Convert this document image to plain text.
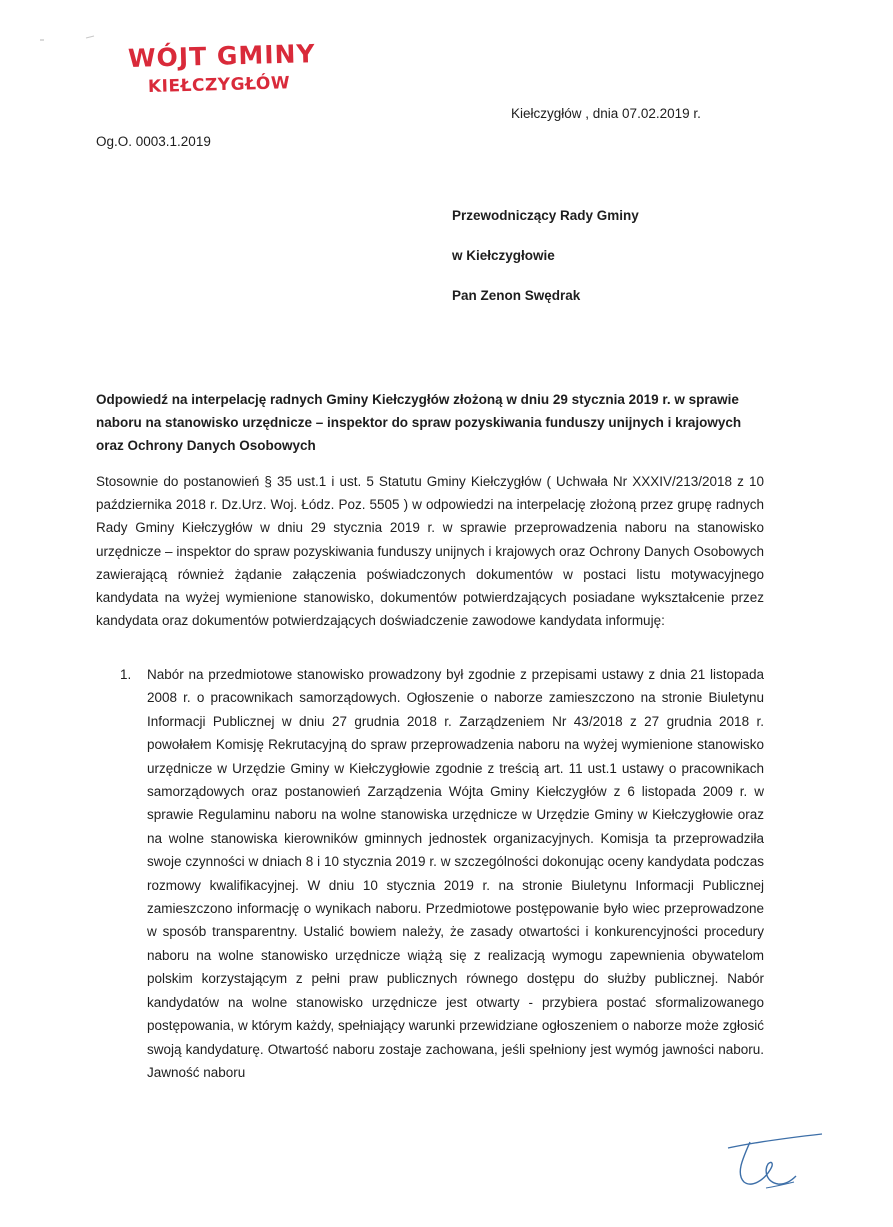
WÓJT GMINY
KIEŁCZYGŁÓW
Kiełczygłów , dnia 07.02.2019 r.
Og.O. 0003.1.2019
Przewodniczący Rady Gminy
w Kiełczygłowie
Pan Zenon Swędrak
Odpowiedź na interpelację radnych Gminy Kiełczygłów złożoną w dniu 29 stycznia 2019 r. w sprawie naboru na stanowisko urzędnicze – inspektor do spraw pozyskiwania funduszy unijnych i krajowych oraz Ochrony Danych Osobowych
Stosownie do postanowień § 35 ust.1 i ust. 5 Statutu Gminy Kiełczygłów ( Uchwała Nr XXXIV/213/2018 z 10 października 2018 r. Dz.Urz. Woj. Łódz. Poz. 5505 ) w odpowiedzi na interpelację złożoną przez grupę radnych Rady Gminy Kiełczygłów w dniu 29 stycznia 2019 r. w sprawie przeprowadzenia naboru na stanowisko urzędnicze – inspektor do spraw pozyskiwania funduszy unijnych i krajowych oraz Ochrony Danych Osobowych zawierającą również żądanie załączenia poświadczonych dokumentów w postaci listu motywacyjnego kandydata na wyżej wymienione stanowisko, dokumentów potwierdzających posiadane wykształcenie przez kandydata oraz dokumentów potwierdzających doświadczenie zawodowe kandydata informuję:
1. Nabór na przedmiotowe stanowisko prowadzony był zgodnie z przepisami ustawy z dnia 21 listopada 2008 r. o pracownikach samorządowych. Ogłoszenie o naborze zamieszczono na stronie Biuletynu Informacji Publicznej w dniu 27 grudnia 2018 r. Zarządzeniem Nr 43/2018 z 27 grudnia 2018 r. powołałem Komisję Rekrutacyjną do spraw przeprowadzenia naboru na wyżej wymienione stanowisko urzędnicze w Urzędzie Gminy w Kiełczygłowie zgodnie z treścią art. 11 ust.1 ustawy o pracownikach samorządowych oraz postanowień Zarządzenia Wójta Gminy Kiełczygłów z 6 listopada 2009 r. w sprawie Regulaminu naboru na wolne stanowiska urzędnicze w Urzędzie Gminy w Kiełczygłowie oraz na wolne stanowiska kierowników gminnych jednostek organizacyjnych. Komisja ta przeprowadziła swoje czynności w dniach 8 i 10 stycznia 2019 r. w szczególności dokonując oceny kandydata podczas rozmowy kwalifikacyjnej. W dniu 10 stycznia 2019 r. na stronie Biuletynu Informacji Publicznej zamieszczono informację o wynikach naboru. Przedmiotowe postępowanie było wiec przeprowadzone w sposób transparentny. Ustalić bowiem należy, że zasady otwartości i konkurencyjności procedury naboru na wolne stanowisko urzędnicze wiążą się z realizacją wymogu zapewnienia obywatelom polskim korzystającym z pełni praw publicznych równego dostępu do służby publicznej. Nabór kandydatów na wolne stanowisko urzędnicze jest otwarty - przybiera postać sformalizowanego postępowania, w którym każdy, spełniający warunki przewidziane ogłoszeniem o naborze może zgłosić swoją kandydaturę. Otwartość naboru zostaje zachowana, jeśli spełniony jest wymóg jawności naboru. Jawność naboru
